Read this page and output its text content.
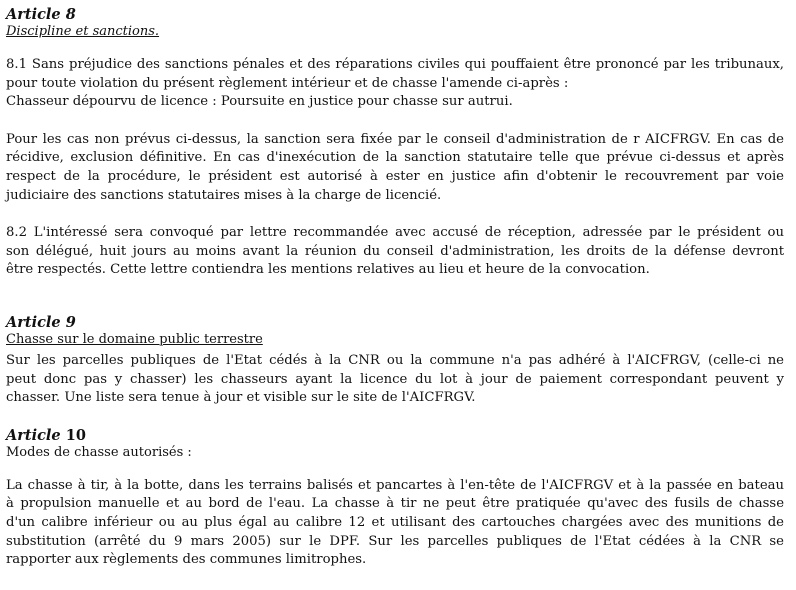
Article 8
Discipline et sanctions.

8.1 Sans préjudice des sanctions pénales et des réparations civiles qui pouffaient être prononcé par les tribunaux,
pour toute violation du présent règlement intérieur et de chasse l'amende ci-après :
Chasseur dépourvu de licence : Poursuite en justice pour chasse sur autrui.

Pour les cas non prévus ci-dessus, la sanction sera fixée par le conseil d'administration de r AICFRGV. En cas de
récidive, exclusion définitive. En cas d'inexécution de la sanction statutaire telle que prévue ci-dessus et après
respect de la procédure, le président est autorisé à ester en justice afin d'obtenir le recouvrement par voie
judiciaire des sanctions statutaires mises à la charge de licencié.

8.2 L'intéressé sera convoqué par lettre recommandée avec accusé de réception, adressée par le président ou
son délégué, huit jours au moins avant la réunion du conseil d'administration, les droits de la défense devront
être respectés. Cette lettre contiendra les mentions relatives au lieu et heure de la convocation.

Article 9
Chasse sur le domaine public terrestre

Sur les parcelles publiques de l'Etat cédés à la CNR ou la commune n'a pas adhéré à l'AICFRGV, (celle-ci ne
peut donc pas y chasser) les chasseurs ayant la licence du lot à jour de paiement correspondant peuvent y
chasser. Une liste sera tenue à jour et visible sur le site de l'AICFRGV.

Article 10
Modes de chasse autorisés :

La chasse à tir, à la botte, dans les terrains balisés et pancartes à l'en-tête de l'AICFRGV et à la passée en bateau
à propulsion manuelle et au bord de l'eau. La chasse à tir ne peut être pratiquée qu'avec des fusils de chasse
d'un calibre inférieur ou au plus égal au calibre 12 et utilisant des cartouches chargées avec des munitions de
substitution (arrêté du 9 mars 2005) sur le DPF. Sur les parcelles publiques de l'Etat cédées à la CNR se
rapporter aux règlements des communes limitrophes.
